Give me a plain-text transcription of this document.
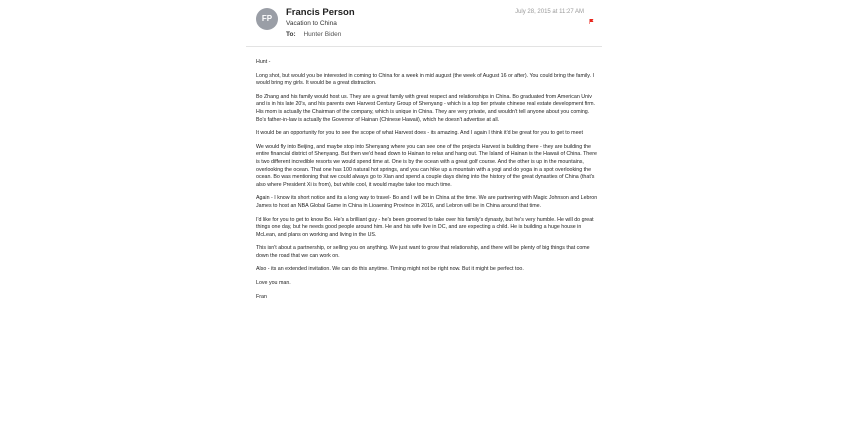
FP
Francis Person
Vacation to China
To: Hunter Biden
July 28, 2015 at 11:27 AM

Hunt -

Long shot, but would you be interested in coming to China for a week in mid august (the week of August 16 or after). You could bring the family. I would bring my girls. It would be a great distraction.

Bo Zhang and his family would host us. They are a great family with great respect and relationships in China. Bo graduated from American Univ and is in his late 20's, and his parents own Harvest Century Group of Shenyang - which is a top tier private chinese real estate development firm. His mom is actually the Chairman of the company, which is unique in China. They are very private, and wouldn't tell anyone about you coming. Bo's father-in-law is actually the Governor of Hainan (Chinese Hawaii), which he doesn't advertise at all.

It would be an opportunity for you to see the scope of what Harvest does - its amazing. And I again I think it'd be great for you to get to meet

We would fly into Beijing, and maybe stop into Shenyang where you can see one of the projects Harvest is building there - they are building the entire financial district of Shenyang. But then we'd head down to Hainan to relax and hang out. The Island of Hainan is the Hawaii of China. There is two different incredible resorts we would spend time at. One is by the ocean with a great golf course. And the other is up in the mountains, overlooking the ocean. That one has 100 natural hot springs, and you can hike up a mountain with a yogi and do yoga in a spot overlooking the ocean. Bo was mentioning that we could always go to Xian and spend a couple days diving into the history of the great dynasties of China (that's also where President Xi is from), but while cool, it would maybe take too much time.

Again - I know its short notice and its a long way to travel- Bo and I will be in China at the time. We are partnering with Magic Johnson and Lebron James to host an NBA Global Game in China in Lioaening Province in 2016, and Lebron will be in China around that time.

I'd like for you to get to know Bo. He's a brilliant guy - he's been groomed to take over his family's dynasty, but he's very humble. He will do great things one day, but he needs good people around him. He and his wife live in DC, and are expecting a child. He is building a huge house in McLean, and plans on working and living in the US.

This isn't about a partnership, or selling you on anything. We just want to grow that relationship, and there will be plenty of big things that come down the road that we can work on.

Also - its an extended invitation. We can do this anytime. Timing might not be right now. But it might be perfect too.

Love you man.

Fran
